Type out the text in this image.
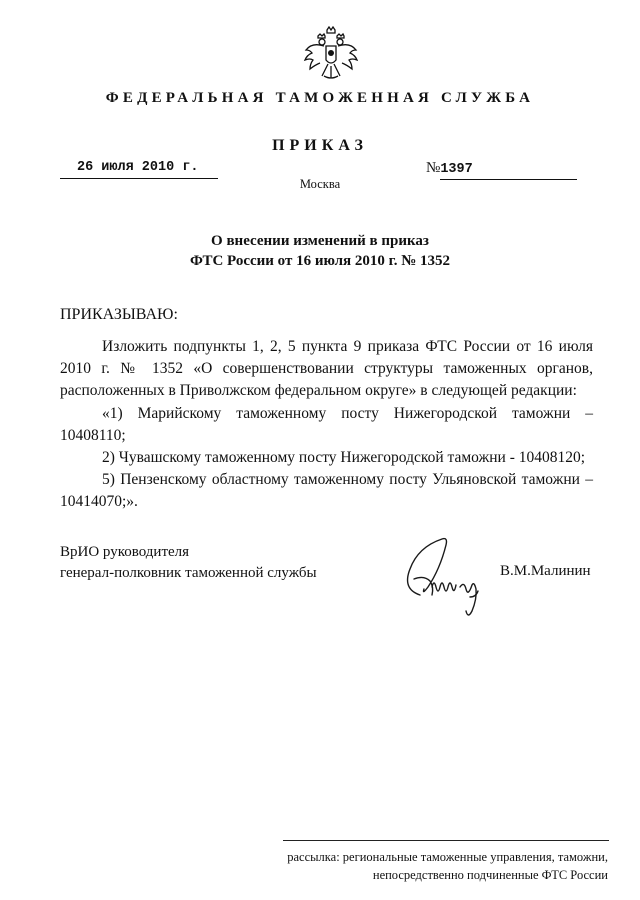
ФЕДЕРАЛЬНАЯ ТАМОЖЕННАЯ СЛУЖБА
ПРИКАЗ
26 июля 2010 г.	№1397
Москва
О внесении изменений в приказ
ФТС России от 16 июля 2010 г. № 1352
ПРИКАЗЫВАЮ:

Изложить подпункты 1, 2, 5 пункта 9 приказа ФТС России от 16 июля 2010 г. № 1352 «О совершенствовании структуры таможенных органов, расположенных в Приволжском федеральном округе» в следующей редакции:

«1) Марийскому таможенному посту Нижегородской таможни – 10408110;

2) Чувашскому таможенному посту Нижегородской таможни - 10408120;

5) Пензенскому областному таможенному посту Ульяновской таможни – 10414070;».

ВрИО руководителя
генерал-полковник таможенной службы	В.М.Малинин
рассылка: региональные таможенные управления, таможни,
непосредственно подчиненные ФТС России
